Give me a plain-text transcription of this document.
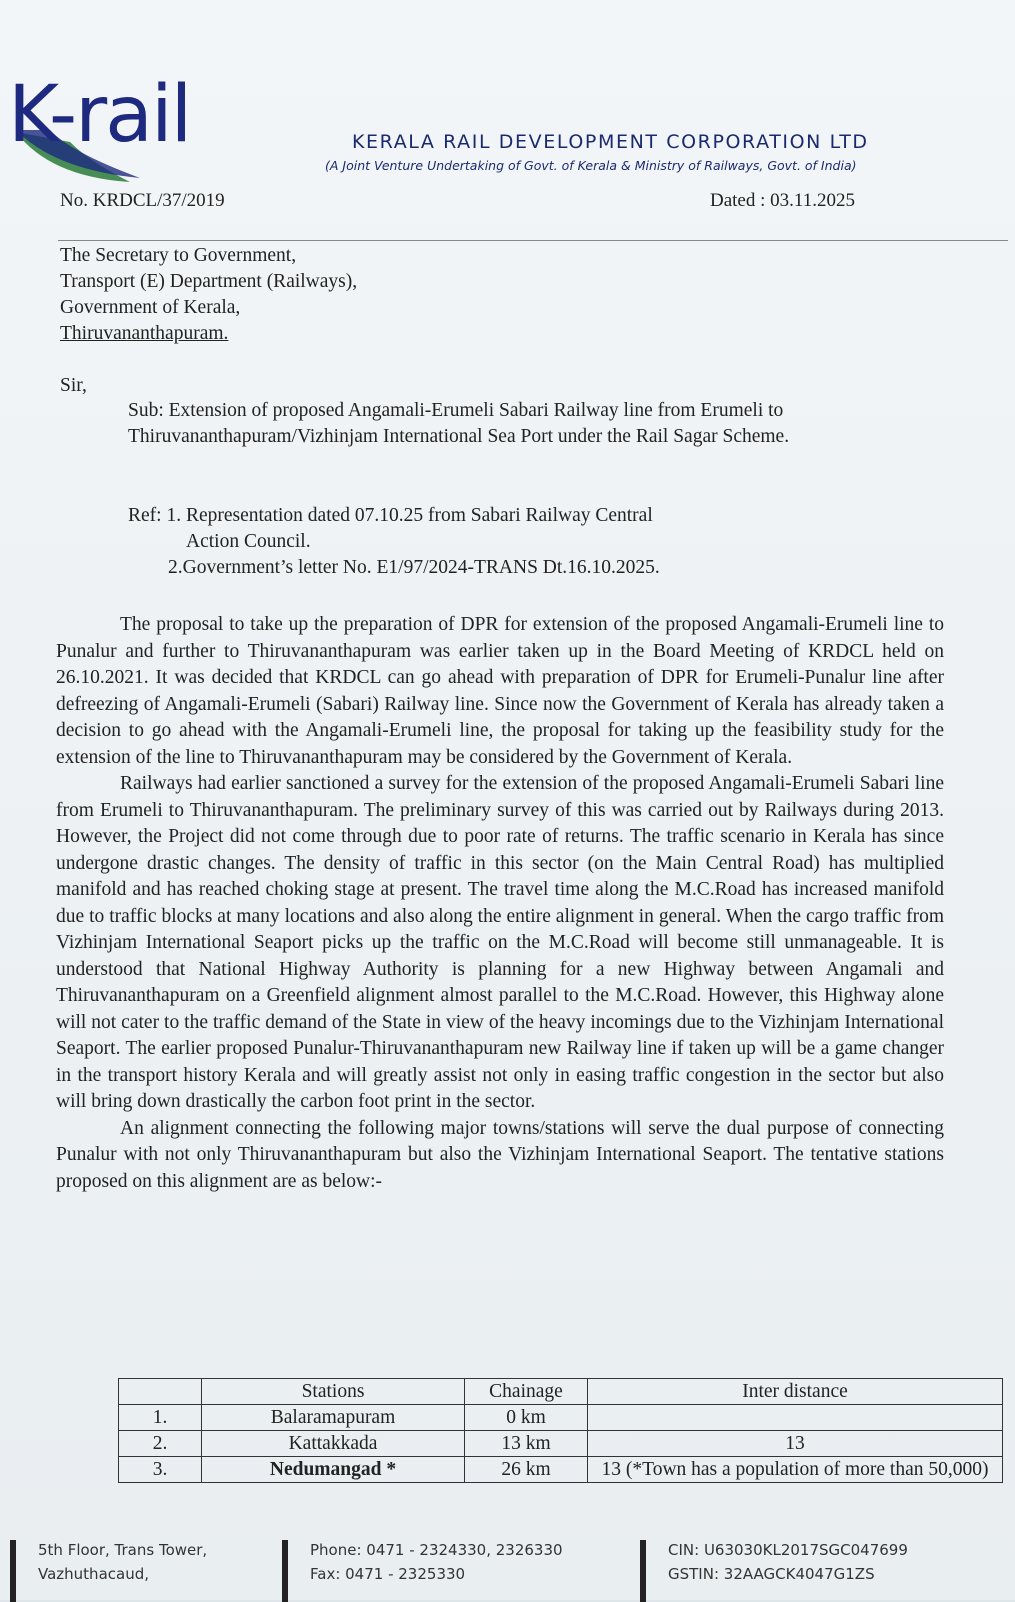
K-rail	KERALA RAIL DEVELOPMENT CORPORATION LTD
(A Joint Venture Undertaking of Govt. of Kerala & Ministry of Railways, Govt. of India)
No. KRDCL/37/2019	Dated : 03.11.2025
The Secretary to Government,
Transport (E) Department (Railways),
Government of Kerala,
Thiruvananthapuram.
Sir,
Sub: Extension of proposed Angamali-Erumeli Sabari Railway line from Erumeli to Thiruvananthapuram/Vizhinjam International Sea Port under the Rail Sagar Scheme.
Ref: 1. Representation dated 07.10.25 from Sabari Railway Central
Action Council.
2.Government’s letter No. E1/97/2024-TRANS Dt.16.10.2025.

The proposal to take up the preparation of DPR for extension of the proposed Angamali-Erumeli line to Punalur and further to Thiruvananthapuram was earlier taken up in the Board Meeting of KRDCL held on 26.10.2021. It was decided that KRDCL can go ahead with preparation of DPR for Erumeli-Punalur line after defreezing of Angamali-Erumeli (Sabari) Railway line. Since now the Government of Kerala has already taken a decision to go ahead with the Angamali-Erumeli line, the proposal for taking up the feasibility study for the extension of the line to Thiruvananthapuram may be considered by the Government of Kerala.

Railways had earlier sanctioned a survey for the extension of the proposed Angamali-Erumeli Sabari line from Erumeli to Thiruvananthapuram. The preliminary survey of this was carried out by Railways during 2013. However, the Project did not come through due to poor rate of returns. The traffic scenario in Kerala has since undergone drastic changes. The density of traffic in this sector (on the Main Central Road) has multiplied manifold and has reached choking stage at present. The travel time along the M.C.Road has increased manifold due to traffic blocks at many locations and also along the entire alignment in general. When the cargo traffic from Vizhinjam International Seaport picks up the traffic on the M.C.Road will become still unmanageable. It is understood that National Highway Authority is planning for a new Highway between Angamali and Thiruvananthapuram on a Greenfield alignment almost parallel to the M.C.Road. However, this Highway alone will not cater to the traffic demand of the State in view of the heavy incomings due to the Vizhinjam International Seaport. The earlier proposed Punalur-Thiruvananthapuram new Railway line if taken up will be a game changer in the transport history Kerala and will greatly assist not only in easing traffic congestion in the sector but also will bring down drastically the carbon foot print in the sector.

An alignment connecting the following major towns/stations will serve the dual purpose of connecting Punalur with not only Thiruvananthapuram but also the Vizhinjam International Seaport. The tentative stations proposed on this alignment are as below:-

	Stations	Chainage	Inter distance
1.	Balaramapuram	0 km	
2.	Kattakkada	13 km	13
3.	Nedumangad *	26 km	13 (*Town has a population of more than 50,000)
5th Floor, Trans Tower,
Vazhuthacaud,
Phone: 0471 - 2324330, 2326330
Fax: 0471 - 2325330
CIN: U63030KL2017SGC047699
GSTIN: 32AAGCK4047G1ZS
